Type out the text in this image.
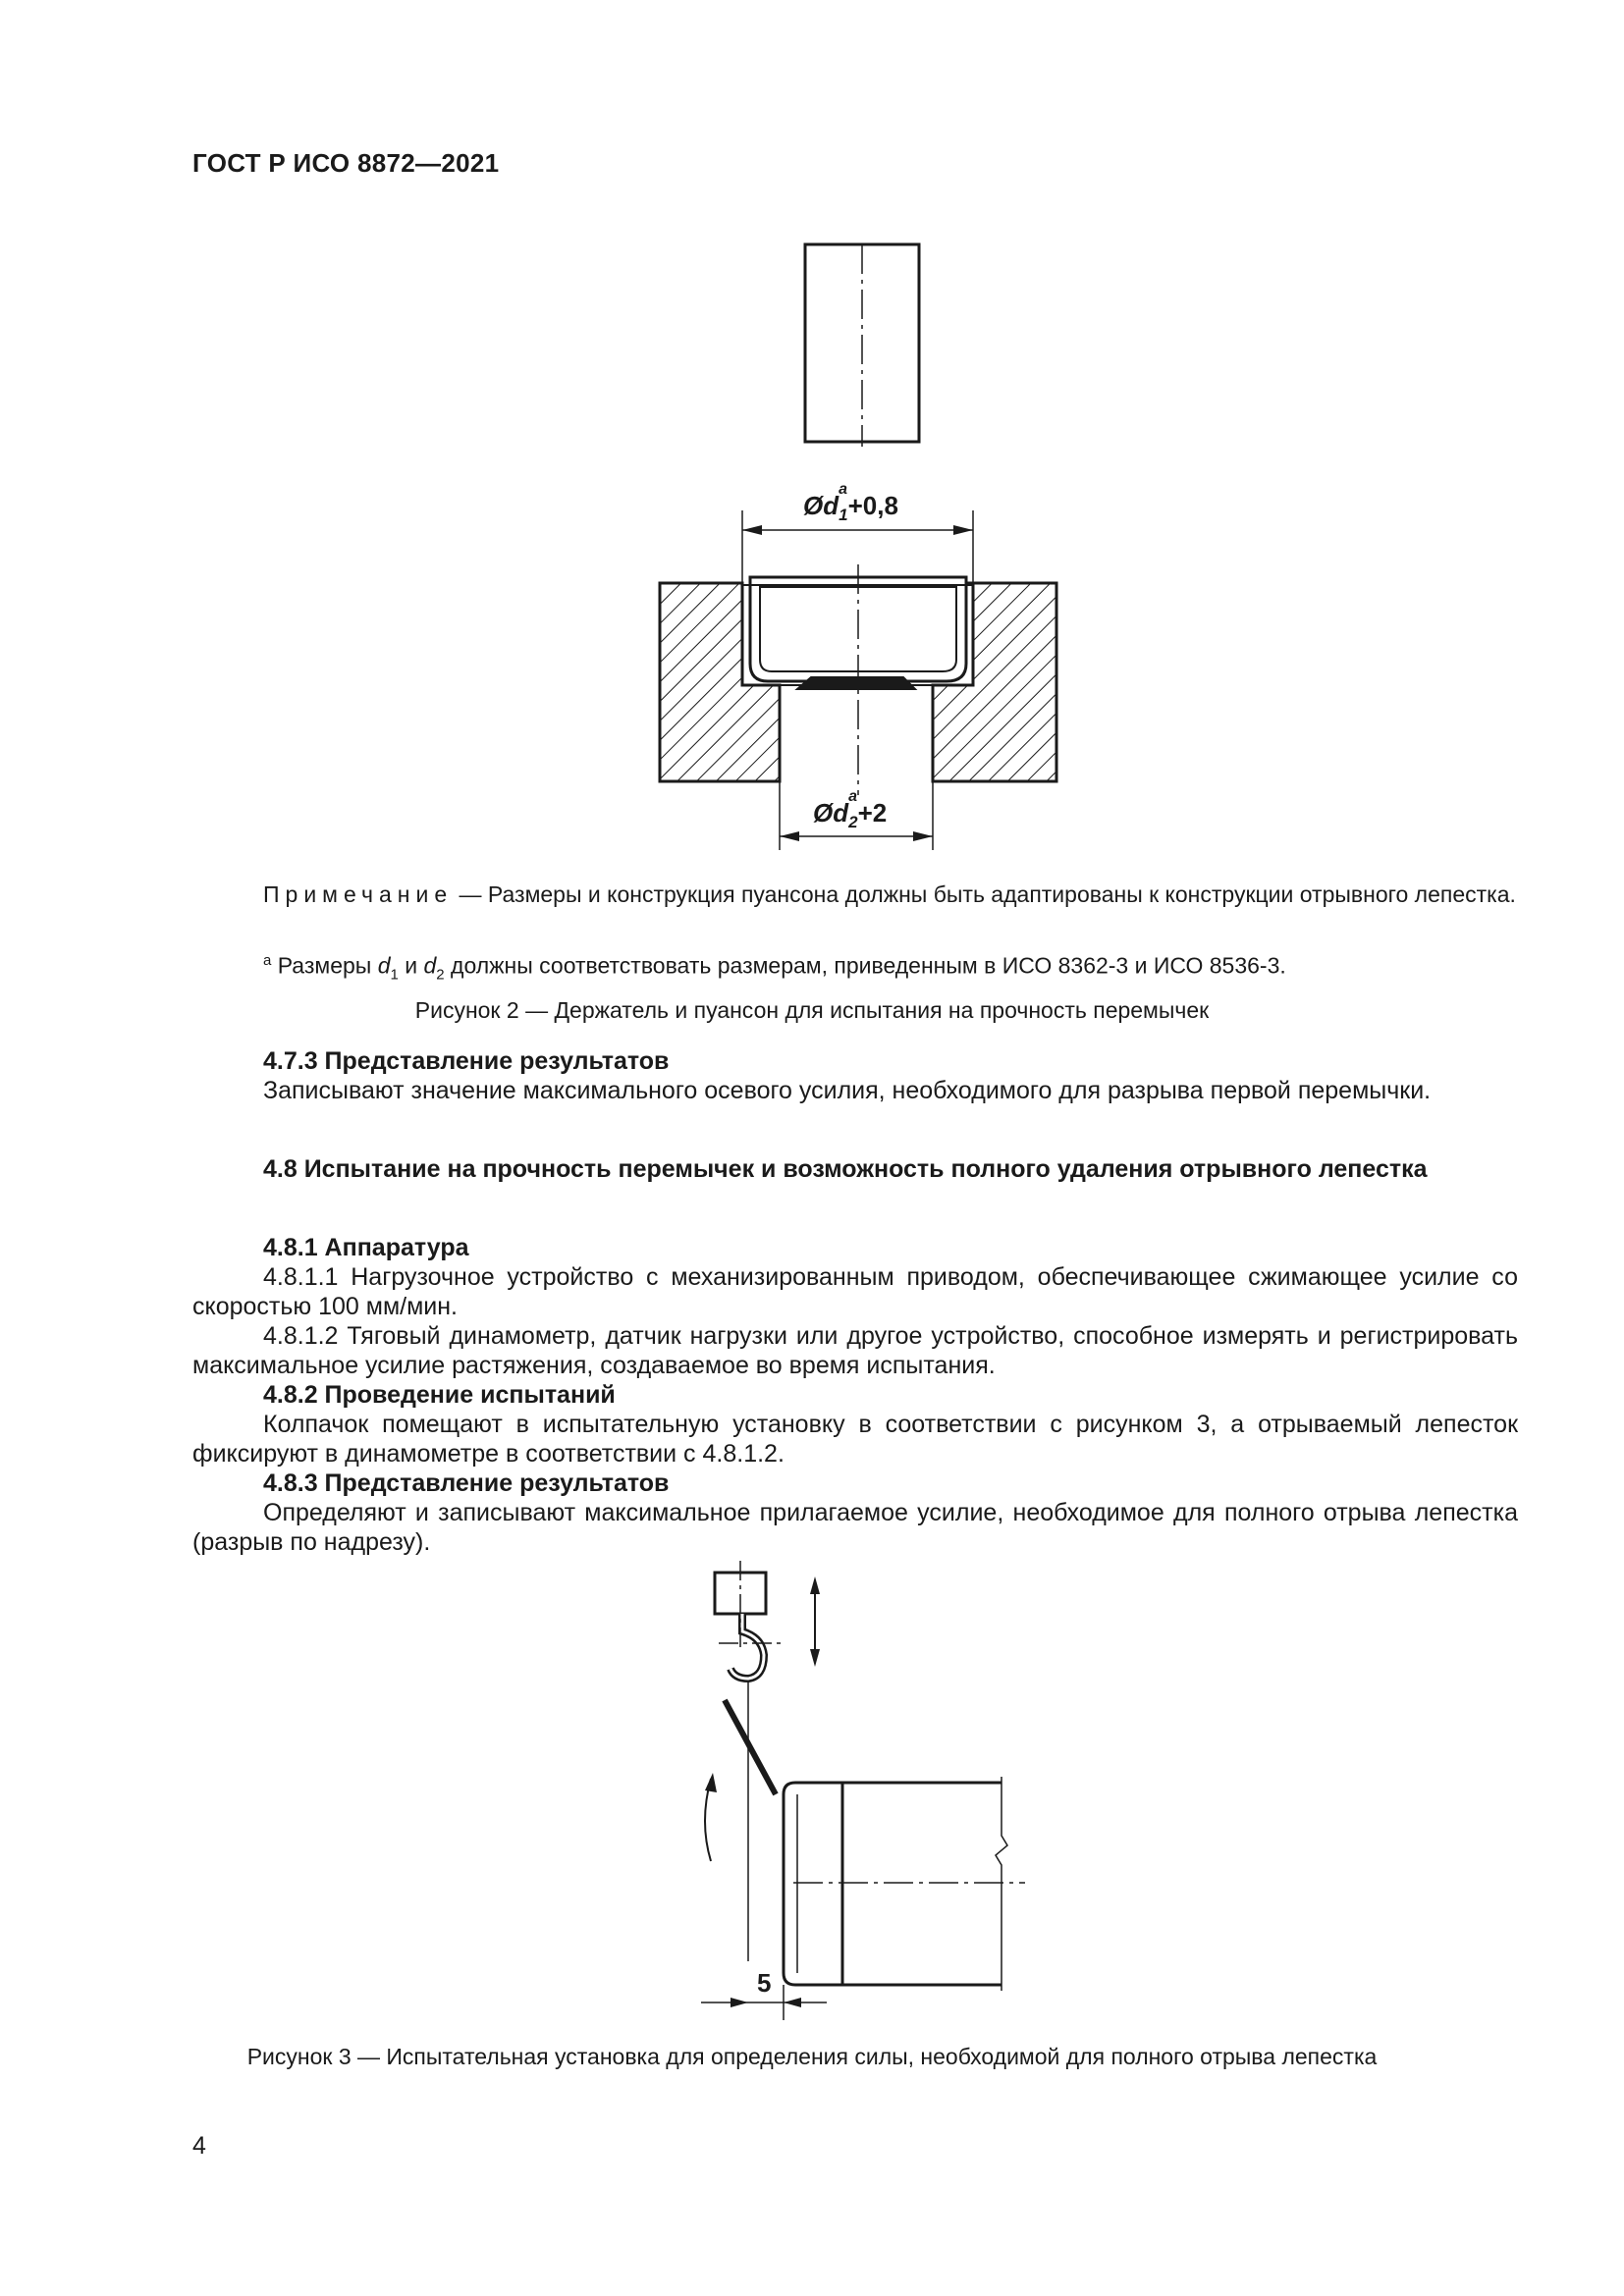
ГОСТ Р ИСО 8872—2021
$Ød_1$
a
+0,8
$Ød_2$
a
+2
Примечание — Размеры и конструкция пуансона должны быть адаптированы к конструкции отрывного лепестка.
$^a$ Размеры $d_1$ и $d_2$ должны соответствовать размерам, приведенным в ИСО 8362-3 и ИСО 8536-3.
Рисунок 2 — Держатель и пуансон для испытания на прочность перемычек
4.7.3 Представление результатов
Записывают значение максимального осевого усилия, необходимого для разрыва первой перемычки.
4.8 Испытание на прочность перемычек и возможность полного удаления отрывного лепестка
4.8.1 Аппаратура
4.8.1.1 Нагрузочное устройство с механизированным приводом, обеспечивающее сжимающее усилие со скоростью 100 мм/мин.
4.8.1.2 Тяговый динамометр, датчик нагрузки или другое устройство, способное измерять и регистрировать максимальное усилие растяжения, создаваемое во время испытания.
4.8.2 Проведение испытаний
Колпачок помещают в испытательную установку в соответствии с рисунком 3, а отрываемый лепесток фиксируют в динамометре в соответствии с 4.8.1.2.
4.8.3 Представление результатов
Определяют и записывают максимальное прилагаемое усилие, необходимое для полного отрыва лепестка (разрыв по надрезу).
5
Рисунок 3 — Испытательная установка для определения силы, необходимой для полного отрыва лепестка
4
